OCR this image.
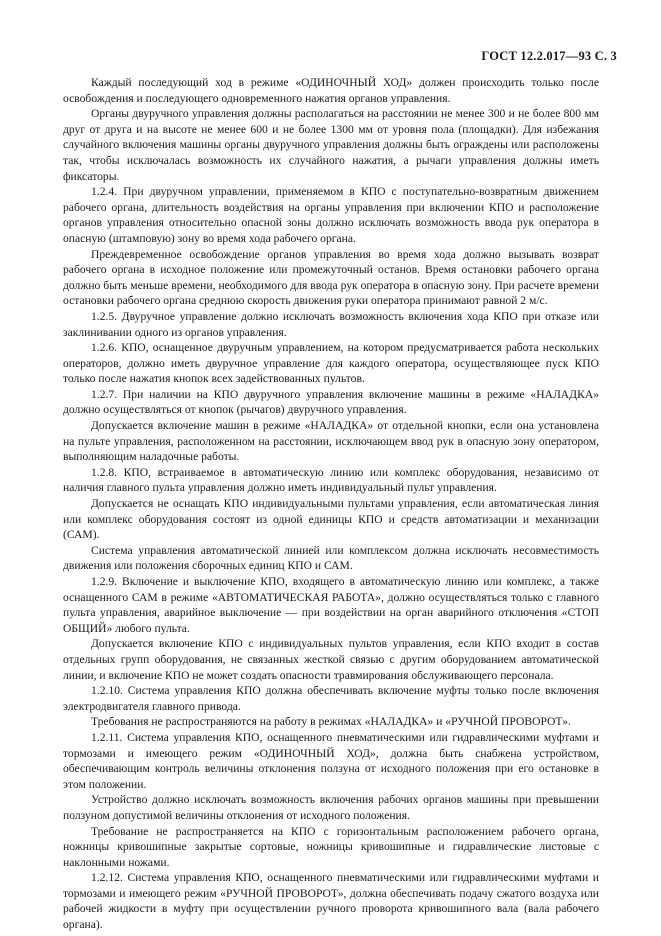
ГОСТ 12.2.017—93 С. 3

Каждый последующий ход в режиме «ОДИНОЧНЫЙ ХОД» должен происходить только после освобождения и последующего одновременного нажатия органов управления.

Органы двуручного управления должны располагаться на расстоянии не менее 300 и не более 800 мм друг от друга и на высоте не менее 600 и не более 1300 мм от уровня пола (площадки). Для избежания случайного включения машины органы двуручного управления должны быть ограждены или расположены так, чтобы исключалась возможность их случайного нажатия, а рычаги управления должны иметь фиксаторы.

1.2.4. При двуручном управлении, применяемом в КПО с поступательно-возвратным движением рабочего органа, длительность воздействия на органы управления при включении КПО и расположение органов управления относительно опасной зоны должно исключать возможность ввода рук оператора в опасную (штамповую) зону во время хода рабочего органа.

Преждевременное освобождение органов управления во время хода должно вызывать возврат рабочего органа в исходное положение или промежуточный останов. Время остановки рабочего органа должно быть меньше времени, необходимого для ввода рук оператора в опасную зону. При расчете времени остановки рабочего органа среднюю скорость движения руки оператора принимают равной 2 м/с.

1.2.5. Двуручное управление должно исключать возможность включения хода КПО при отказе или заклинивании одного из органов управления.

1.2.6. КПО, оснащенное двуручным управлением, на котором предусматривается работа нескольких операторов, должно иметь двуручное управление для каждого оператора, осуществляющее пуск КПО только после нажатия кнопок всех задействованных пультов.

1.2.7. При наличии на КПО двуручного управления включение машины в режиме «НАЛАДКА» должно осуществляться от кнопок (рычагов) двуручного управления.

Допускается включение машин в режиме «НАЛАДКА» от отдельной кнопки, если она установлена на пульте управления, расположенном на расстоянии, исключающем ввод рук в опасную зону оператором, выполняющим наладочные работы.

1.2.8. КПО, встраиваемое в автоматическую линию или комплекс оборудования, независимо от наличия главного пульта управления должно иметь индивидуальный пульт управления.

Допускается не оснащать КПО индивидуальными пультами управления, если автоматическая линия или комплекс оборудования состоят из одной единицы КПО и средств автоматизации и механизации (САМ).

Система управления автоматической линией или комплексом должна исключать несовместимость движения или положения сборочных единиц КПО и САМ.

1.2.9. Включение и выключение КПО, входящего в автоматическую линию или комплекс, а также оснащенного САМ в режиме «АВТОМАТИЧЕСКАЯ РАБОТА», должно осуществляться только с главного пульта управления, аварийное выключение — при воздействии на орган аварийного отключения «СТОП ОБЩИЙ» любого пульта.

Допускается включение КПО с индивидуальных пультов управления, если КПО входит в состав отдельных групп оборудования, не связанных жесткой связью с другим оборудованием автоматической линии, и включение КПО не может создать опасности травмирования обслуживающего персонала.

1.2.10. Система управления КПО должна обеспечивать включение муфты только после включения электродвигателя главного привода.

Требования не распространяются на работу в режимах «НАЛАДКА» и «РУЧНОЙ ПРОВОРОТ».

1.2.11. Система управления КПО, оснащенного пневматическими или гидравлическими муфтами и тормозами и имеющего режим «ОДИНОЧНЫЙ ХОД», должна быть снабжена устройством, обеспечивающим контроль величины отклонения ползуна от исходного положения при его остановке в этом положении.

Устройство должно исключать возможность включения рабочих органов машины при превышении ползуном допустимой величины отклонения от исходного положения.

Требование не распространяется на КПО с горизонтальным расположением рабочего органа, ножницы кривошипные закрытые сортовые, ножницы кривошипные и гидравлические листовые с наклонными ножами.

1.2.12. Система управления КПО, оснащенного пневматическими или гидравлическими муфтами и тормозами и имеющего режим «РУЧНОЙ ПРОВОРОТ», должна обеспечивать подачу сжатого воздуха или рабочей жидкости в муфту при осуществлении ручного проворота кривошипного вала (вала рабочего органа).
